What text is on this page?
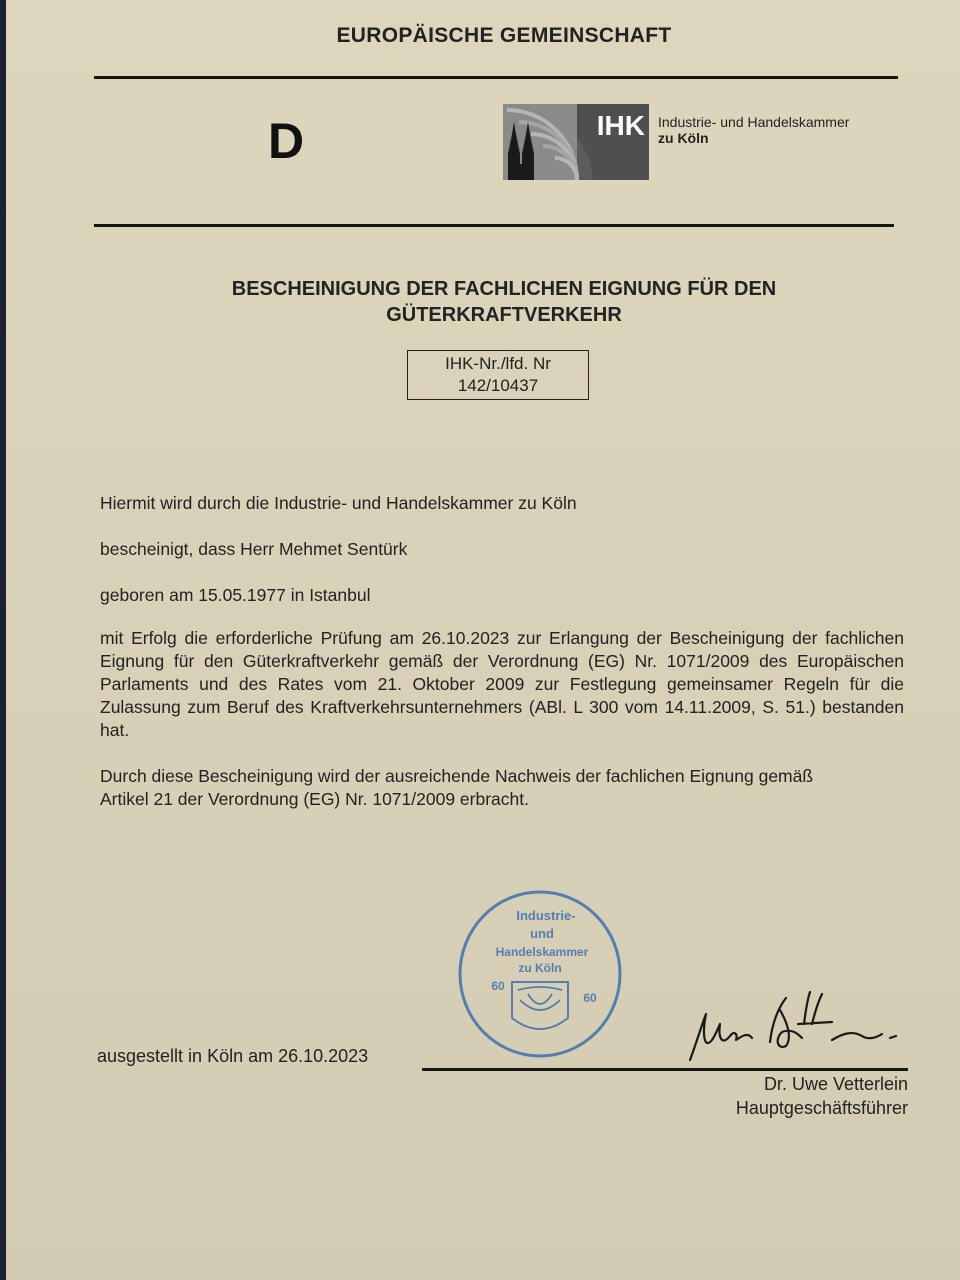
EUROPÄISCHE GEMEINSCHAFT
D	IHK Industrie- und Handelskammer
zu Köln
BESCHEINIGUNG DER FACHLICHEN EIGNUNG FÜR DEN
GÜTERKRAFTVERKEHR
IHK-Nr./lfd. Nr
142/10437
Hiermit wird durch die Industrie- und Handelskammer zu Köln
bescheinigt, dass Herr Mehmet Sentürk
geboren am 15.05.1977 in Istanbul
mit Erfolg die erforderliche Prüfung am 26.10.2023 zur Erlangung der Bescheinigung der fachlichen Eignung für den Güterkraftverkehr gemäß der Verordnung (EG) Nr. 1071/2009 des Europäischen Parlaments und des Rates vom 21. Oktober 2009 zur Festlegung gemeinsamer Regeln für die Zulassung zum Beruf des Kraftverkehrsunternehmers (ABl. L 300 vom 14.11.2009, S. 51.) bestanden hat.
Durch diese Bescheinigung wird der ausreichende Nachweis der fachlichen Eignung gemäß Artikel 21 der Verordnung (EG) Nr. 1071/2009 erbracht.
Industrie-
und
Handelskammer
zu Köln
60
60
ausgestellt in Köln am 26.10.2023
Dr. Uwe Vetterlein
Hauptgeschäftsführer
